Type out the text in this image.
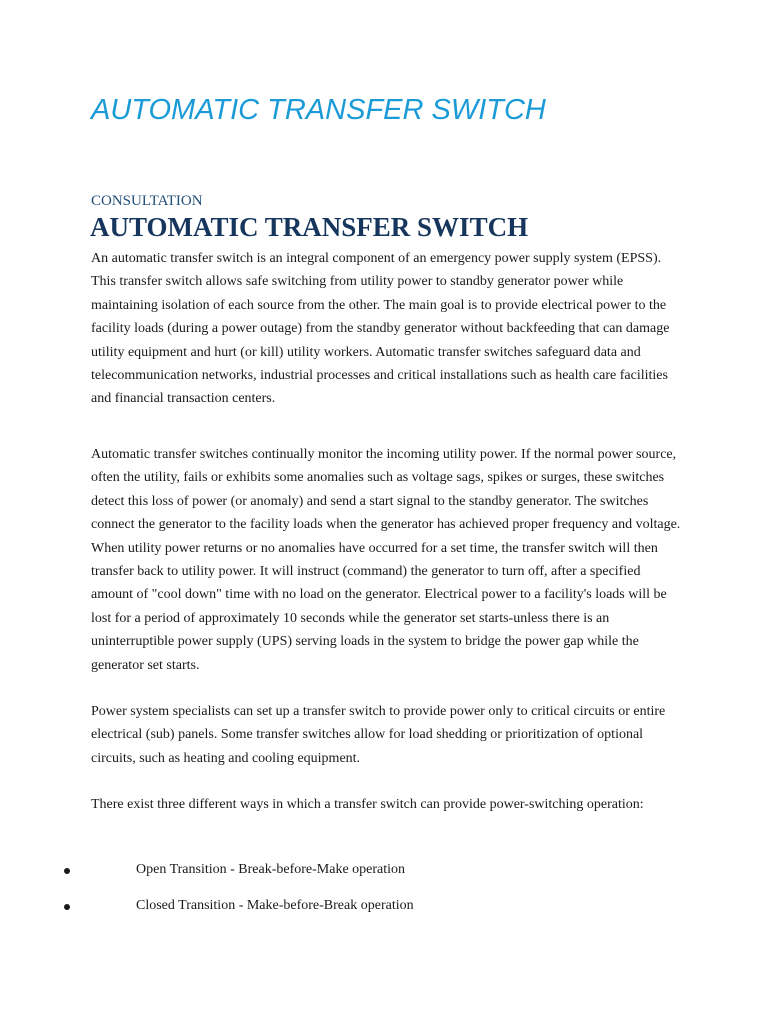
AUTOMATIC TRANSFER SWITCH
CONSULTATION
AUTOMATIC TRANSFER SWITCH

An automatic transfer switch is an integral component of an emergency power supply system (EPSS). This transfer switch allows safe switching from utility power to standby generator power while maintaining isolation of each source from the other. The main goal is to provide electrical power to the facility loads (during a power outage) from the standby generator without backfeeding that can damage utility equipment and hurt (or kill) utility workers. Automatic transfer switches safeguard data and telecommunication networks, industrial processes and critical installations such as health care facilities and financial transaction centers.

Automatic transfer switches continually monitor the incoming utility power. If the normal power source, often the utility, fails or exhibits some anomalies such as voltage sags, spikes or surges, these switches detect this loss of power (or anomaly) and send a start signal to the standby generator. The switches connect the generator to the facility loads when the generator has achieved proper frequency and voltage. When utility power returns or no anomalies have occurred for a set time, the transfer switch will then transfer back to utility power. It will instruct (command) the generator to turn off, after a specified amount of "cool down" time with no load on the generator. Electrical power to a facility's loads will be lost for a period of approximately 10 seconds while the generator set starts-unless there is an uninterruptible power supply (UPS) serving loads in the system to bridge the power gap while the generator set starts.

Power system specialists can set up a transfer switch to provide power only to critical circuits or entire electrical (sub) panels. Some transfer switches allow for load shedding or prioritization of optional circuits, such as heating and cooling equipment.

There exist three different ways in which a transfer switch can provide power-switching operation:

Open Transition - Break-before-Make operation
Closed Transition - Make-before-Break operation
